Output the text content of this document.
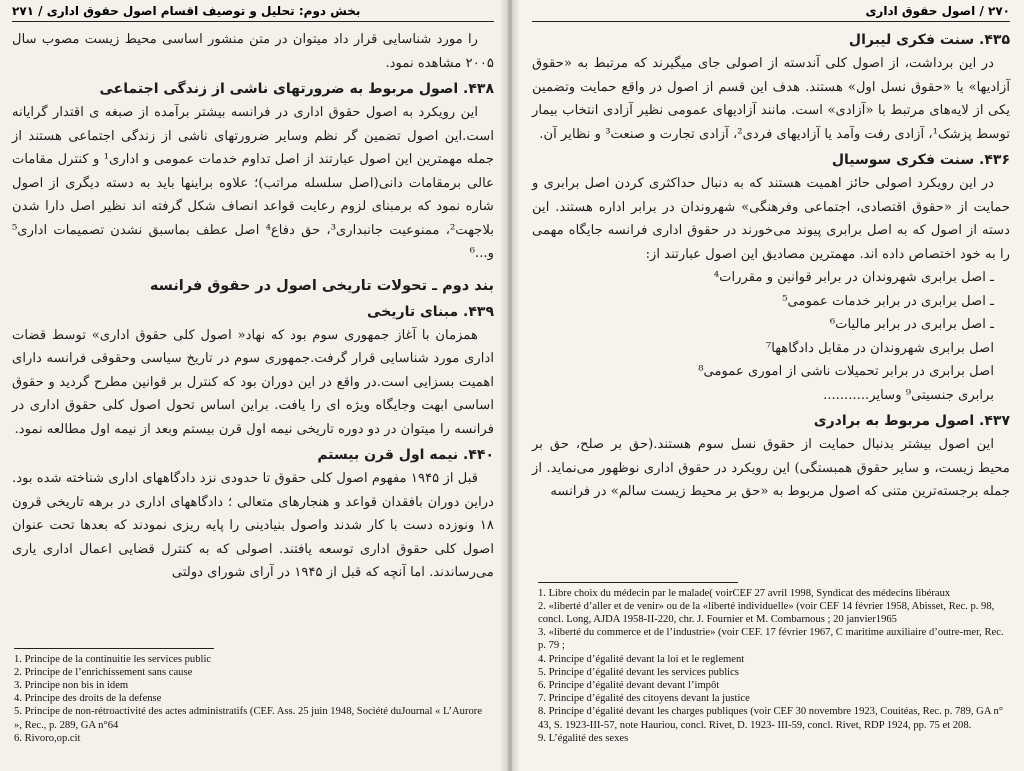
بخش دوم: تحلیل و توصیف اقسام اصول حقوق اداری / ۲۷۱

را مورد شناسایی قرار داد میتوان در متن منشور اساسی محیط زیست مصوب سال ۲۰۰۵ مشاهده نمود.

۴۳۸. اصول مربوط به ضرورتهای ناشی از زندگی اجتماعی

این رویکرد به اصول حقوق اداری در فرانسه بیشتر برآمده از صبغه ی اقتدار گرایانه است.این اصول تضمین گر نظم وسایر ضرورتهای ناشی از زندگی اجتماعی هستند از جمله مهمترین این اصول عبارتند از اصل تداوم خدمات عمومی و اداری¹ و کنترل مقامات عالی برمقامات دانی(اصل سلسله مراتب)؛ علاوه براینها باید به دسته دیگری از اصول شاره نمود که برمبنای لزوم رعایت قواعد انصاف شکل گرفته اند نظیر اصل دارا شدن بلاجهت²، ممنوعیت جانبداری³، حق دفاع⁴ اصل عطف بماسبق نشدن تصمیمات اداری⁵ و...⁶

بند دوم ـ تحولات تاریخی اصول در حقوق فرانسه
۴۳۹. مبنای تاریخی

همزمان با آغاز جمهوری سوم بود که نهاد« اصول کلی حقوق اداری» توسط قضات اداری مورد شناسایی قرار گرفت.جمهوری سوم در تاریخ سیاسی وحقوقی فرانسه دارای اهمیت بسزایی است.در واقع در این دوران بود که کنترل بر قوانین مطرح گردید و حقوق اساسی ابهت وجایگاه ویژه ای را یافت. براین اساس تحول اصول کلی حقوق اداری در فرانسه را میتوان در دو دوره تاریخی نیمه اول قرن بیستم وبعد از نیمه اول مطالعه نمود.

۴۴۰. نیمه اول قرن بیستم

قبل از ۱۹۴۵ مفهوم اصول کلی حقوق تا حدودی نزد دادگاههای اداری شناخته شده بود. دراین دوران بافقدان قواعد و هنجارهای متعالی ؛ دادگاههای اداری در برهه تاریخی قرون ۱۸ ونوزده دست با کار شدند واصول بنیادینی را پایه ریزی نمودند که بعدها تحت عنوان اصول کلی حقوق اداری توسعه یافتند. اصولی که به کنترل قضایی اعمال اداری یاری می‌رساندند. اما آنچه که قبل از ۱۹۴۵ در آرای شورای دولتی

1. Principe de la continuitie les services public

2. Principe de l’enrichissement sans cause

3. Principe non bis in idem

4. Principe des droits de la defense

5. Principe de non-rétroactivité des actes administratifs (CEF. Ass. 25 juin 1948, Société duJournal « L’Aurore », Rec., p. 289, GA n°64

6. Rivoro,op.cit

۲۷۰ / اصول حقوق اداری
۴۳۵. سنت فکری لیبرال

در این برداشت، از اصول کلی آندسته از اصولی جای میگیرند که مرتبط به «حقوق آزادیها» یا «حقوق نسل اول» هستند. هدف این قسم از اصول در واقع حمایت وتضمین یکی از لایه‌های مرتبط با «آزادی» است. مانند آزادیهای عمومی نظیر آزادی انتخاب بیمار توسط پزشک¹، آزادی رفت وآمد یا آزادیهای فردی²، آزادی تجارت و صنعت³ و نظایر آن.

۴۳۶. سنت فکری سوسیال

در این رویکرد اصولی حائز اهمیت هستند که به دنبال حداکثری کردن اصل برابری و حمایت از «حقوق اقتصادی، اجتماعی وفرهنگی» شهروندان در برابر اداره هستند. این دسته از اصول که به اصل برابری پیوند می‌خورند در حقوق اداری فرانسه جایگاه مهمی را به خود اختصاص داده اند. مهمترین مصادیق این اصول عبارتند از:

ـ اصل برابری شهروندان در برابر قوانین و مقررات⁴

ـ اصل برابری در برابر خدمات عمومی⁵

ـ اصل برابری در برابر مالیات⁶

اصل برابری شهروندان در مقابل دادگاهها⁷

اصل برابری در برابر تحمیلات ناشی از اموری عمومی⁸

برابری جنسیتی⁹ وسایر...........

۴۳۷. اصول مربوط به برادری

این اصول بیشتر بدنبال حمایت از حقوق نسل سوم هستند.(حق بر صلح، حق بر محیط زیست، و سایر حقوق همبستگی) این رویکرد در حقوق اداری نوظهور می‌نماید. از جمله برجسته‌ترین متنی که اصول مربوط به «حق بر محیط زیست سالم» در فرانسه

1. Libre choix du médecin par le malade( voirCEF 27 avril 1998, Syndicat des médecins libéraux

2. «liberté d’aller et de venir» ou de la «liberté individuelle» (voir CEF 14 février 1958, Abisset, Rec. p. 98, concl. Long, AJDA 1958-II-220, chr. J. Fournier et M. Combarnous ; 20 janvier1965

3. «liberté du commerce et de l’industrie» (voir CEF. 17 février 1967, C maritime auxiliaire d’outre-mer, Rec. p. 79 ;

4. Principe d’égalité devant la loi et le reglement

5. Principe d’égalité devant les services publics

6. Principe d’égalité devant devant l’impôt

7. Principe d’égalité des citoyens devant la justice

8. Principe d’égalité devant les charges publiques (voir CEF 30 novembre 1923, Couitéas, Rec. p. 789, GA n° 43, S. 1923-III-57, note Hauriou, concl. Rivet, D. 1923- III-59, concl. Rivet, RDP 1924, pp. 75 et 208.

9. L’égalité des sexes
